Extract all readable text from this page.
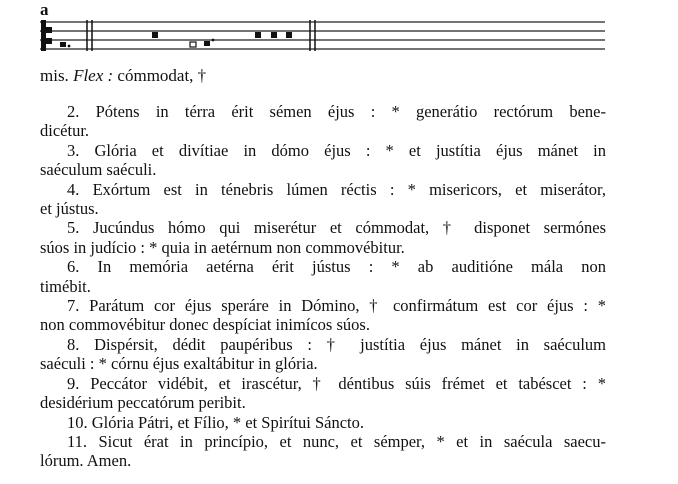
a
mis. Flex : cómmodat, †
2. Pótens in térra érit sémen éjus : * generátio rectórum bene-
dicétur.
3. Glória et divítiae in dómo éjus : * et justítia éjus mánet in
saéculum saéculi.
4. Exórtum est in ténebris lúmen réctis : * misericors, et miserátor,
et jústus.
5. Jucúndus hómo qui miserétur et cómmodat, † disponet sermónes
súos in judício : * quia in aetérnum non commovébitur.
6. In memória aetérna érit jústus : * ab auditióne mála non
timébit.
7. Parátum cor éjus speráre in Dómino, † confirmátum est cor éjus : *
non commovébitur donec despíciat inimícos súos.
8. Dispérsit, dédit paupéribus : † justítia éjus mánet in saéculum
saéculi : * córnu éjus exaltábitur in glória.
9. Peccátor vidébit, et irascétur, † déntibus súis frémet et tabéscet : *
desidérium peccatórum peribit.
10. Glória Pátri, et Fílio, * et Spirítui Sáncto.
11. Sicut érat in princípio, et nunc, et sémper, * et in saécula saecu-
lórum. Amen.
